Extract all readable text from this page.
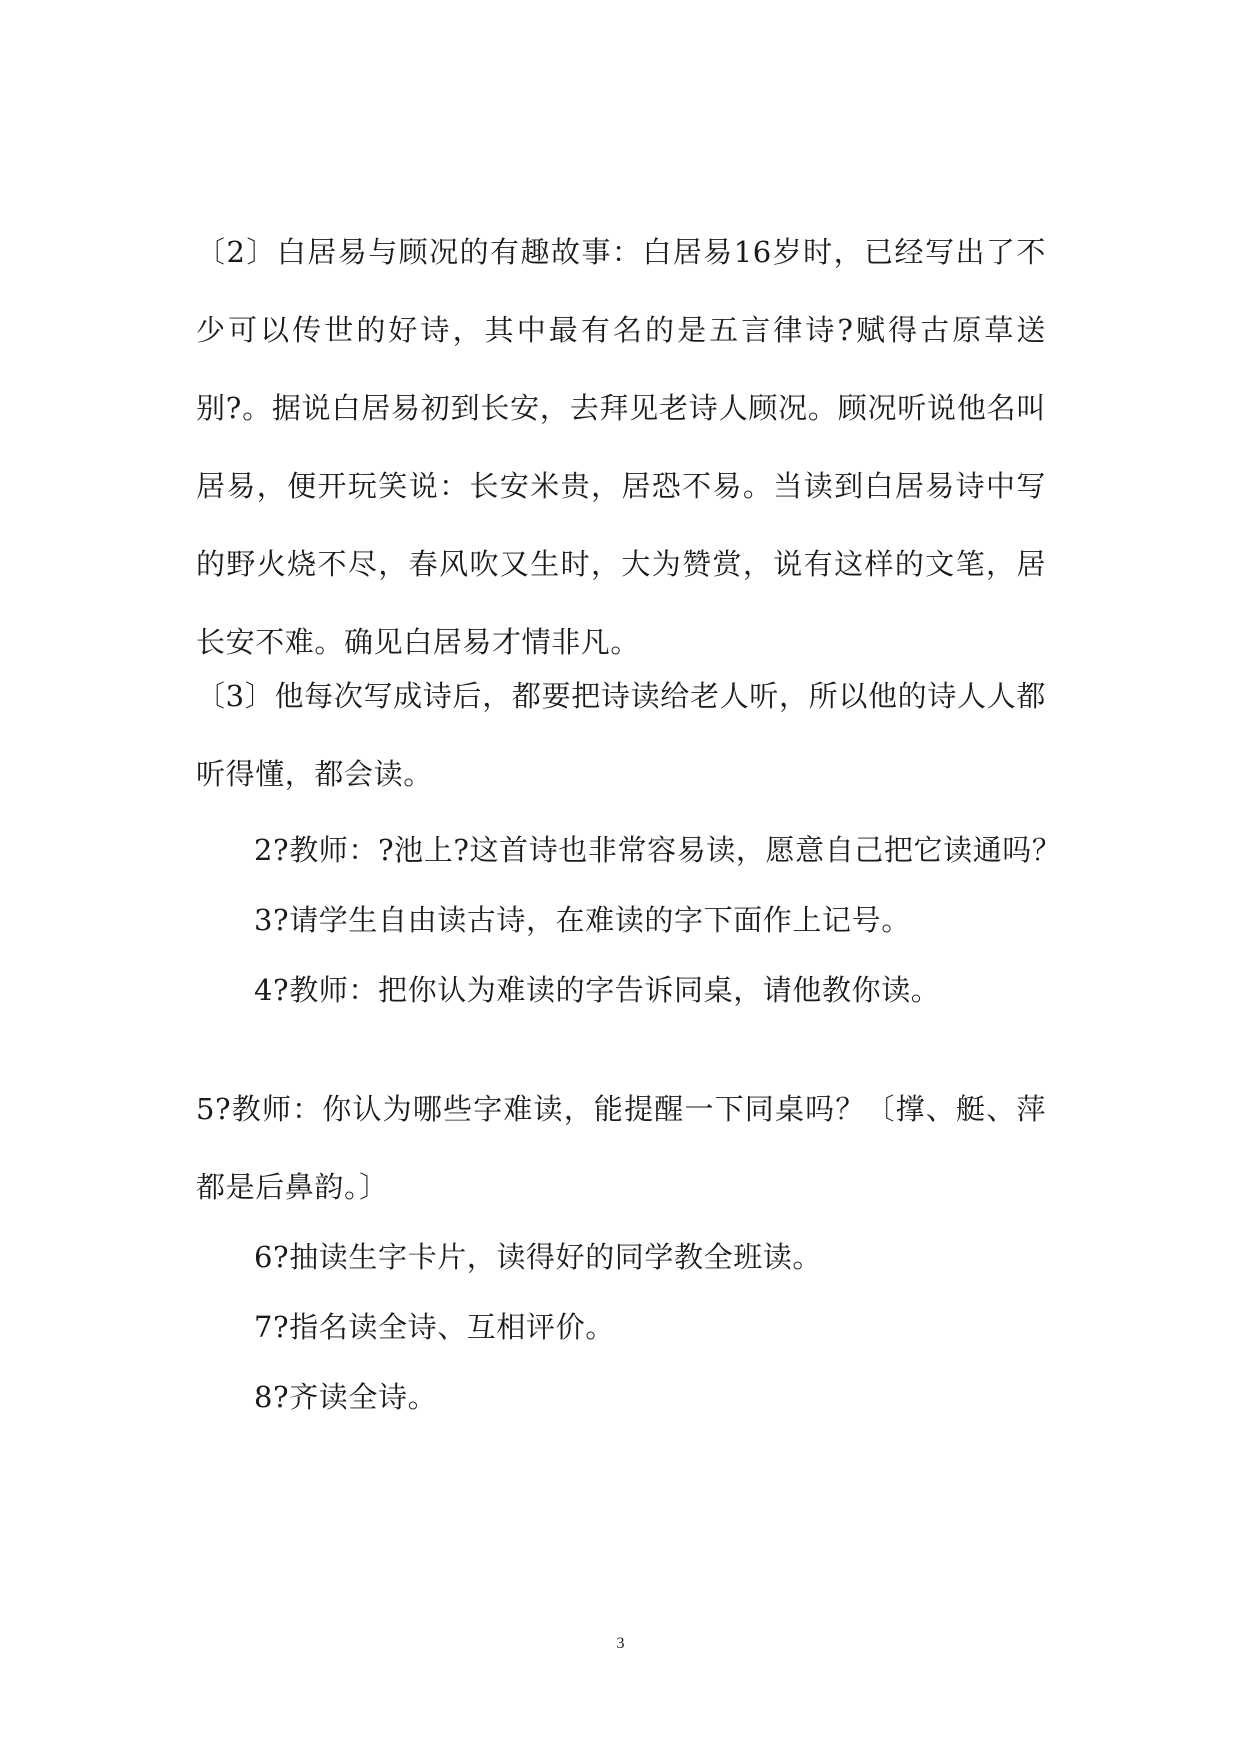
〔2〕白居易与顾况的有趣故事：白居易16岁时，已经写出了不少可以传世的好诗，其中最有名的是五言律诗?赋得古原草送别?。据说白居易初到长安，去拜见老诗人顾况。顾况听说他名叫居易，便开玩笑说：长安米贵，居恐不易。当读到白居易诗中写的野火烧不尽，春风吹又生时，大为赞赏，说有这样的文笔，居长安不难。确见白居易才情非凡。

〔3〕他每次写成诗后，都要把诗读给老人听，所以他的诗人人都听得懂，都会读。

2?教师：?池上?这首诗也非常容易读，愿意自己把它读通吗？

3?请学生自由读古诗，在难读的字下面作上记号。

4?教师：把你认为难读的字告诉同桌，请他教你读。

5?教师：你认为哪些字难读，能提醒一下同桌吗？〔撑、艇、萍都是后鼻韵。〕

6?抽读生字卡片，读得好的同学教全班读。

7?指名读全诗、互相评价。

8?齐读全诗。

3
